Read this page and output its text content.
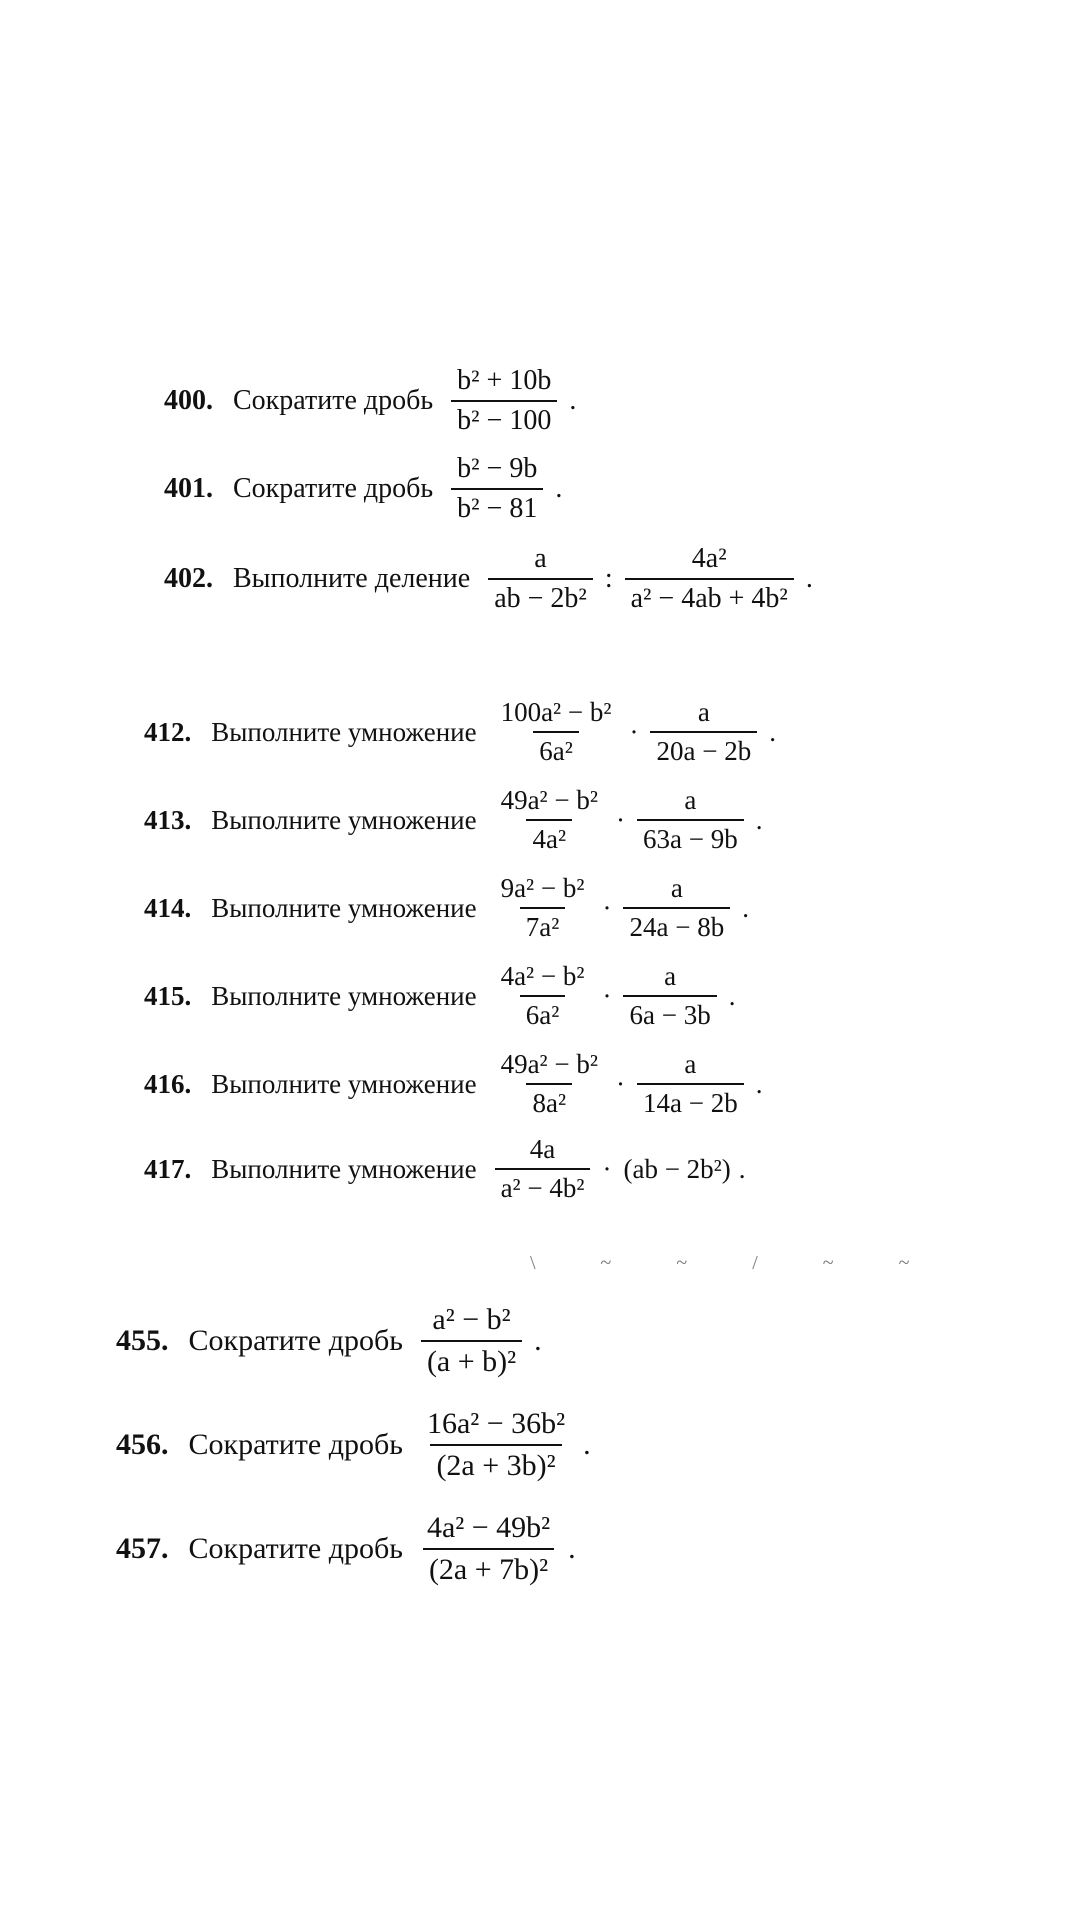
400. Сократите дробь $\frac{\text{b² + 10b}}{\text{b² − 100}}$ .
401. Сократите дробь $\frac{\text{b² − 9b}}{\text{b² − 81}}$ .
402. Выполните деление $\frac{a}{\text{ab − 2b²}}$ : $\frac{\text{4a²}}{\text{a² − 4ab + 4b²}}$ .
412. Выполните умножение $\frac{\text{100a² − b²}}{\text{6a²}} \cdot \frac{a}{20a - 2b}$ .
413. Выполните умножение $\frac{\text{49a² − b²}}{\text{4a²}} \cdot \frac{a}{63a - 9b}$ .
414. Выполните умножение $\frac{\text{9a² − b²}}{\text{7a²}} \cdot \frac{a}{24a - 8b}$ .
415. Выполните умножение $\frac{\text{4a² − b²}}{\text{6a²}} \cdot \frac{a}{6a - 3b}$ .
416. Выполните умножение $\frac{\text{49a² − b²}}{\text{8a²}} \cdot \frac{a}{14a - 2b}$ .
417. Выполните умножение $\frac{4a}{\text{a² − 4b²}} \cdot (ab - 2b^2)$ .
\ ~ ~ / ~ ~
455. Сократите дробь $\frac{\text{a² − b²}}{\text{(a + b)²}}$ .
456. Сократите дробь $\frac{\text{16a² − 36b²}}{\text{(2a + 3b)²}}$ .
457. Сократите дробь $\frac{\text{4a² − 49b²}}{\text{(2a + 7b)²}}$ .
